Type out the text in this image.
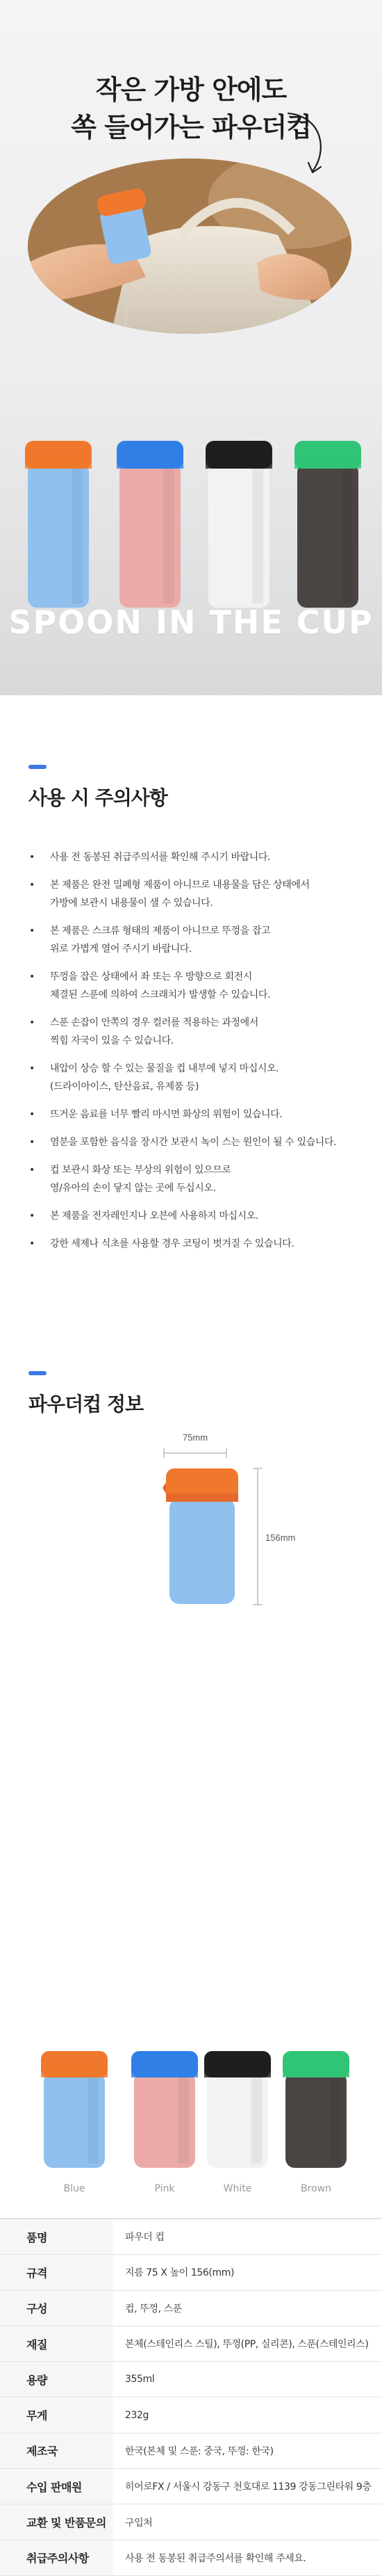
작은 가방 안에도
쏙 들어가는 파우더컵
SPOON IN THE CUP
사용 시 주의사항
• 사용 전 동봉된 취급주의서를 확인해 주시기 바랍니다.
• 본 제품은 완전 밀폐형 제품이 아니므로 내용물을 담은 상태에서
가방에 보관시 내용물이 샐 수 있습니다.
• 본 제품은 스크류 형태의 제품이 아니므로 뚜껑을 잡고
위로 가볍게 열어 주시기 바랍니다.
• 뚜껑을 잡은 상태에서 좌 또는 우 방향으로 회전시
체결된 스푼에 의하여 스크래치가 발생할 수 있습니다.
• 스푼 손잡이 안쪽의 경우 컬러를 적용하는 과정에서
찍힘 자국이 있을 수 있습니다.
• 내압이 상승 할 수 있는 물질을 컵 내부에 넣지 마십시오.
(드라이아이스, 탄산음료, 유제품 등)
• 뜨거운 음료를 너무 빨리 마시면 화상의 위험이 있습니다.
• 염분을 포함한 음식을 장시간 보관시 녹이 스는 원인이 될 수 있습니다.
• 컵 보관시 화상 또는 부상의 위험이 있으므로
영/유아의 손이 닿지 않는 곳에 두십시오.
• 본 제품을 전자레인지나 오븐에 사용하지 마십시오.
• 강한 세제나 식초를 사용할 경우 코팅이 벗겨질 수 있습니다.
파우더컵 정보
75mm
156mm
Blue	Pink	White	Brown
품명	파우더 컵
규격	지름 75 X 높이 156(mm)
구성	컵, 뚜껑, 스푼
재질	본체(스테인리스 스틸), 뚜껑(PP, 실리콘), 스푼(스테인리스)
용량	355ml
무게	232g
제조국	한국(본체 및 스푼: 중국, 뚜껑: 한국)
수입 판매원	히어로FX / 서울시 강동구 천호대로 1139 강동그린타워 9층
교환 및 반품문의	구입처
취급주의사항	사용 전 동봉된 취급주의서를 확인해 주세요.
